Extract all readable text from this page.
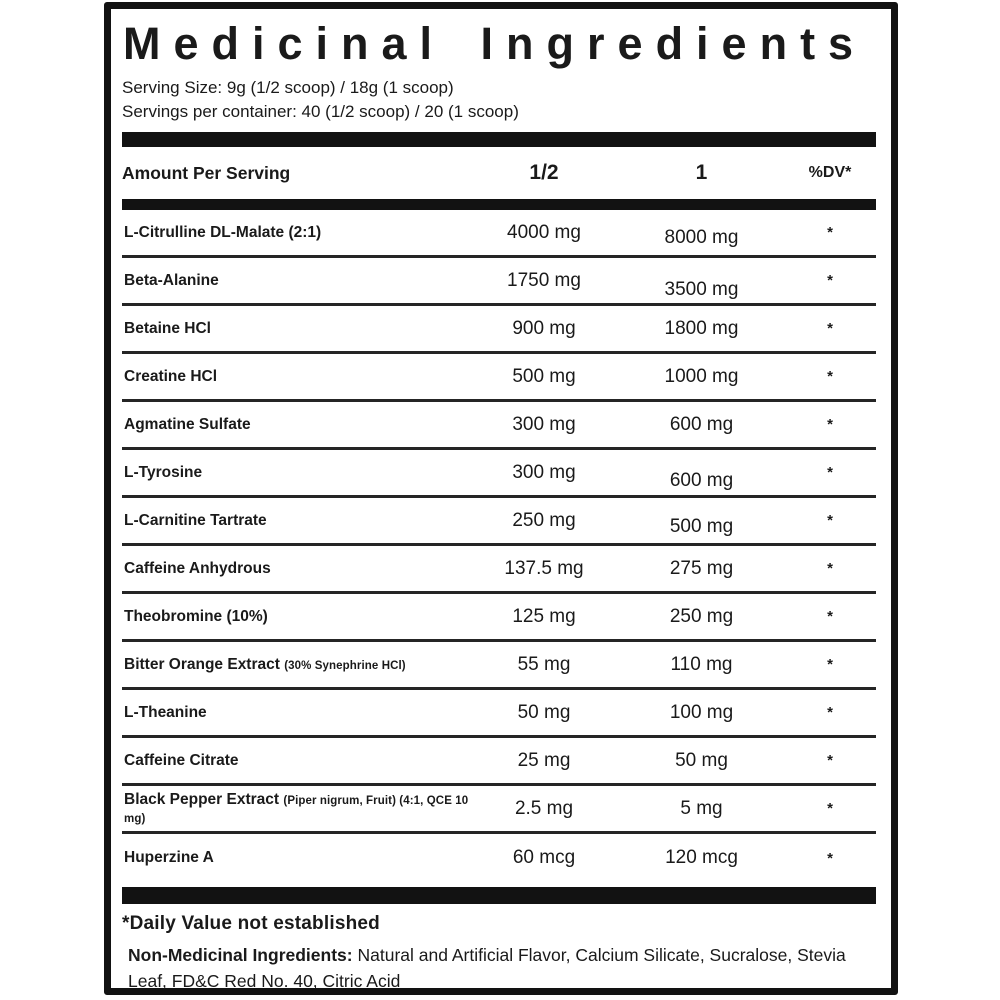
Medicinal Ingredients
Serving Size: 9g (1/2 scoop) / 18g (1 scoop)
Servings per container: 40 (1/2 scoop) / 20 (1 scoop)
Amount Per Serving	1/2	1	%DV*
L-Citrulline DL-Malate (2:1)	4000 mg	8000 mg	*
Beta-Alanine	1750 mg	3500 mg	*
Betaine HCl	900 mg	1800 mg	*
Creatine HCl	500 mg	1000 mg	*
Agmatine Sulfate	300 mg	600 mg	*
L-Tyrosine	300 mg	600 mg	*
L-Carnitine Tartrate	250 mg	500 mg	*
Caffeine Anhydrous	137.5 mg	275 mg	*
Theobromine (10%)	125 mg	250 mg	*
Bitter Orange Extract (30% Synephrine HCl)	55 mg	110 mg	*
L-Theanine	50 mg	100 mg	*
Caffeine Citrate	25 mg	50 mg	*
Black Pepper Extract (Piper nigrum, Fruit) (4:1, QCE 10 mg)	2.5 mg	5 mg	*
Huperzine A	60 mcg	120 mcg	*
*Daily Value not established

Non-Medicinal Ingredients: Natural and Artificial Flavor, Calcium Silicate, Sucralose, Stevia Leaf, FD&C Red No. 40, Citric Acid
